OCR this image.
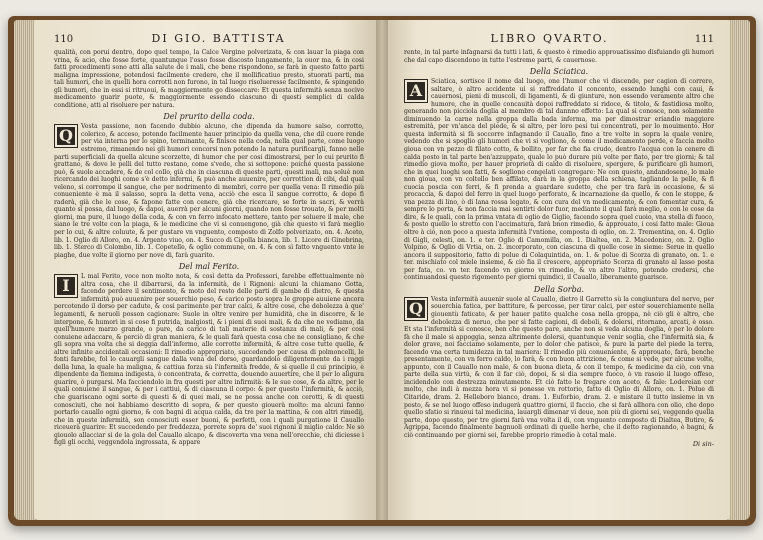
110	DI GIO. BATTISTA

qualità, con porui dentro, dopo quel tempo, la Calce Vergine polverizata, & con lauar la piaga con vrina, & acio, che fosse forte, quantunque l'osso fosse discosto lungamente, la ouor ma, & in cosi fatti procedimenti sono atti alla salute de i mali, che bene rispondono, se farà in questo fatto parti maligna impressione, potendosi facilmente credere, che il mollificatiuo presto, stuorati parti, ma tali humori, che in quelli hora corrotti non furono, in tal luogo risolueresse facilmente, & spingendo gli humori, che in essi si ritruoui, & maggiormente go disseccare: Et questa infermità senza nocivo medicamento guarir puote, & maggiormente essendo ciascuno di questi semplici di calda conditione, atti al risoluere per natura.

Del prurito della coda.

Q	Vesta passione, non facendo dubbio alcuno, che dipenda da humore salso, corrotto, colerico, & acceso, potendo facilmente hauer principio da quella vena, che dil cuore rende per via interna per lo spino, terminante, & finisce nella coda, nella qual parte, come luogo estremo, rimanendo nei gli humori concorsi non potendo la natura purificargli, fanno nelle parti superficiali da quella alcune scorzette, di humor che per cosi dimostrarsi, per lo cui prurito fi grattano, & dove le pelli del tutto restano, come s'vede, che si sottopone: poiché questa passione può, & suole accadere, & de col collo, già che in ciascuna di queste parti, questi mali, ma soluè non ricercando dei luoghi come s'è detto infermi, & può anche auuenire, per corrottion di cibi, dal qual veleno, si corrompe il sangue, che per nodrimento di membri, corre per quella vena: Il rimedio più conueniente è ma il salasso, sopra la detta vena, acciò che esca il sangue corrotto, & dopo fi raderà, già che le cose, & fapone fatte con cenere, già che ricercare, se forte in sacri, & verrà quanto si possa, dal luogo, & dapoi, auerrà per alcuni giorni, quando non fosse trouato, & per molti giorni, ma pure, il luogo della coda, & con vn ferro infocato mettere, tanto per soluere il male, che siano le tre volte con la piaga, & le medicine che vi si conuengono, già che questo vi farà meglio per lo cui, & altre coluute, & per gustare vn vnguento, composto di Zolfo polverizato, on. 4. Aceto, lib. 1. Oglio di Alloro, on. 4. Argento viuo, on. 4. Succo di Cipolla bianca, lib. 1. Licore di Ginebrina, lib. 1. Sterco di Colombo, lib. 1. Copetelle, & oglio commune, on. 4. & con sì fatto vnguento vnte le piaghe, due volte il giorno per nove di, farà guarito.

Del mal Ferito.

I	L mal Ferito, voce non molto nota, & così detta da Professori, farebbe effettualmente nò altra cosa, che il dibarrarsi, da la infermità, de i Rignoni: alcuni la chiamano Gotta, facendo perdere il sentimento, & moto del resto delle parti di gambe di dietro, & questa infermità può auuenire per souerchio peso, & carico posto sopra le groppe auuiene ancora percotendo il dorso per cadute, & cosi parimente per trar calci, & altre cose, che debolezza à que' legamenti, & neruoli posson cagionare: Suole in oltre venire per humidità, che in discorre, & le interpone, & humori in si cose fi putrida, inalgiosti, & i pieni di suoi mali, & da che ne vediamo, da quell'humore marzo grande, o pure, da carico di tali materie di sostanza di mali, & per cosi conuiene adaccare, & perciò di gran maniera, & le quali farà questa cosa che ne consigliano, & che gli sopra vna volta che si deggia dall'infermo, alle corrotte infermità, & altre cose tutte quelle, & altre infinite accidentali occasioni: Il rimedio appropriato, succedendo per causa di polmoncelli, le fonti farebbe, fol lo cauargli sangue dalla vena del dorso, guardandolo diligentemente da i raggi della luna, la quale ha maligna, & cattiua forza sù l'infermità fredde, & si quelle il cui principio, è dipendente da fiemma indigesta, ò concentrata, & corretta, douendo auuertire, che il per lo aligura guarire, ò purgarsi. Ma facciendolo in fra questi per altre infirmità: & le sue cose, & da altre, per le quali conuiene il sangue, & per i cattiui, & di ciascuna il corpo: & per questo l'infermità, & acciò, che guariscano ogni sorte di questi & di quei mali, se ne possa anche con cerotti, & di questi conosciuti, che noi habbiamo descritto di sopra, & per questo giouerà molto: ma alcuni fanno portarlo cauallo ogni giorno, & con bagni di acqua calda, da tre per la mattina, & con altri rimedij, che in queste infermità, son conosciuti esser buoni, & perfetti, con i quali purgatione il Cauallo riceuerà guarire: Et succedendo per freddezza, porrete sopra de' suoi rignoni il miglio caldo: Ne sò giouolo allacciar sì de la gola del Cauallo alcapo, & discoverta vna vena nell'orecchie, chi diciesse i figli gli occhi, veggendola ingrossata, & appare

LIBRO QVARTO.	111

rente, in tal parte infagnarsi da tutti i lati, & questo è rimedio approuatissimo disfuiando gli humori che dal capo discendono in tutte l'estreme parti, & cauernose.

Della Sciatica.

A	Sciatica, sortisce il nome dal luogo, one l'humor che vi discende, per cagion di correre, saltare, ò altro accidente ui si raffreddato il concento, essendo lunghi con caui, & cauernosi, pieni di muscoli, di ligamenti, & di giunture, non essendo veramente altro che humore, che in quelle concauità dopoi raffreddato si ridoce, & titolo, & fastidiosa molto, generando non picciola doglia al membro di tal dannno effetto: La qual si conosce, non solamente diminuendo la carne nella groppa dalla bada inferma, ma per dimostrar eriandio maggiore estremità, per vn'anca del piede, & si altro, per loro pesi tui concentrati, per lo mouimento. Hor questa infermità si fà soccorre infagnando il Cauallo, fino a tre volte in sopra la quale venire, vedendo che si spoglio gli humori che vi si vogliono, & come il medicamento perde, e faccia molto gioua con vn pezzo di filato cotto, & bollito, per far che fia crudo, dentro l'acqua con la cenere di calda posto in tal parte ben'azzuppato, quale lo può durare più volte per fiato, per tre giorni; & tal rimedio giova molto, per hauer proprietà di caldo di risoluere, spergere, & purificare gli humori, che in quei luoghi son fatti, & sogliono congelati congregare: Ne con questo, andandosene, lo male non gioua, con vn coltello ben affilato, darà in la groppa della schiena, tagliando la pelle, & fi cuocia poscia con ferri, & fi prenda a guardare sudetto, che per tra farà in occasione, & si procaccia, & dapoi del ferro in quel luogo perforato, & incarnazione da quello, & con le stoppe, & vna pezza di lino, ò di lana rossa legato, & con cura del vn medicamento, & con fomentar cura, & sempre lo porta, & non faccia mai sentirti dolor fuor, mediante il qual farà meglio, o con le cose da dire, & le quali, con la prima vntata di oglio de Giglio, facendo sopra quel cuoio, vna stella di fuoco, & posto quello lo stretto con l'accimatura, farà bnon rimedio, & approuato, i cosi fatto male: Gioua oltre à ciò, non poco a questa infermità l'vntione, composta di oglio, on. 2. Trementina, on. 4. Oglio di Gigli, celesti, on. 1. e ter. Oglio di Camomilla, on. 1. Dialtea, on. 2. Macedonico, on. 2. Oglio Volpino, & Oglio di Vrtia, on. 2. incorporato, con ciascuna di quelle cose in sieme: Serue in quello ancora il suppositorio, fatto di polue di Colaquintida, on. 1. & polue di Scorza di granato, on. 1. e ter. mischiato col miele insieme, & ciò fia il crescere, appropriato Scorza di granato al lasso posta per fata, co. vn ter. facendo vn giorno vn rimedio, & vn altro l'altro, potendo credersi, che continuandosi questo rigemento per giorni quindici, il Cauallo, liberamente guarisce.

Della Sorba.

Q	Vesta infermità auuenir suole al Cauallo, dietro il Garretto sù la congiuntura del nervo, per souerchia fatica, per battiture, & percosse, per tirar calci, per ester souerchiamente nella giouentù faticato, & per hauer patito qualche cosa nella groppa, nè ciò gli è altro, che debolezza di neruo, che per sì fatte cagioni, di deboli, & dolersi, ritornano, arcati, è osso. Et sta l'infermità si conosce, ben che questo pare, anche non si veda alcuna doglia, ò per lo dolore fà che il male si appoggia, senza altrimente dolersi, quantunque venir soglia, che l'infermità sia, & dolor grave, noi facciamo solamente, per lo dolor che patisce, & pure la parte del piede la terra, facendo vna certa tumidezza in tal mariera: Il rimedio più conueniente, & approuato, farà, benche presentamente, con vn ferro caldo, lo farà, & con buon attrizione, & come si vede, per alcune volte, appunto, con il Cauallo non male, & con buona dieta, & con il tempo, & medicine da ciò, con vna parte della sua virtù, & con il far ciò, dopoi, & si dia sempre fuoco, ò vn rasoio il luogo offeso, incidendolo con destrezza minutamente. Et ciò fatto le fregare con aceto, & fale: Lodereian cor molto, che indi à mezza hora vi si ponesse vn rottorio, fatto di Oglio di Alloro, on. 1. Polue di Citaride, dram. 2. Helleboro bianco, dram. 1. Euforbio, dram. 2. e mistare il tutto insieme in vn posto, & se nel luogo offeso indugerà quattro giorni, il faccio, che si farà allhora con olio, che dopo quello sfatio si rinuoui tal medicina, lauargli dimenar vi deue, non più di giorni sei, veggendo quella parte, dopo questo, per tre giorni farà vna volta il dì, con vnguento composto di Dialtea, Butiro, & Agrippa, facendo finalmente bagnuoli ordinati di quelle herbe, che il detto ragionando, è bagni, & ciò continuando per giorni sei, farebbe proprio rimedio à cotal male.

Di sin-
